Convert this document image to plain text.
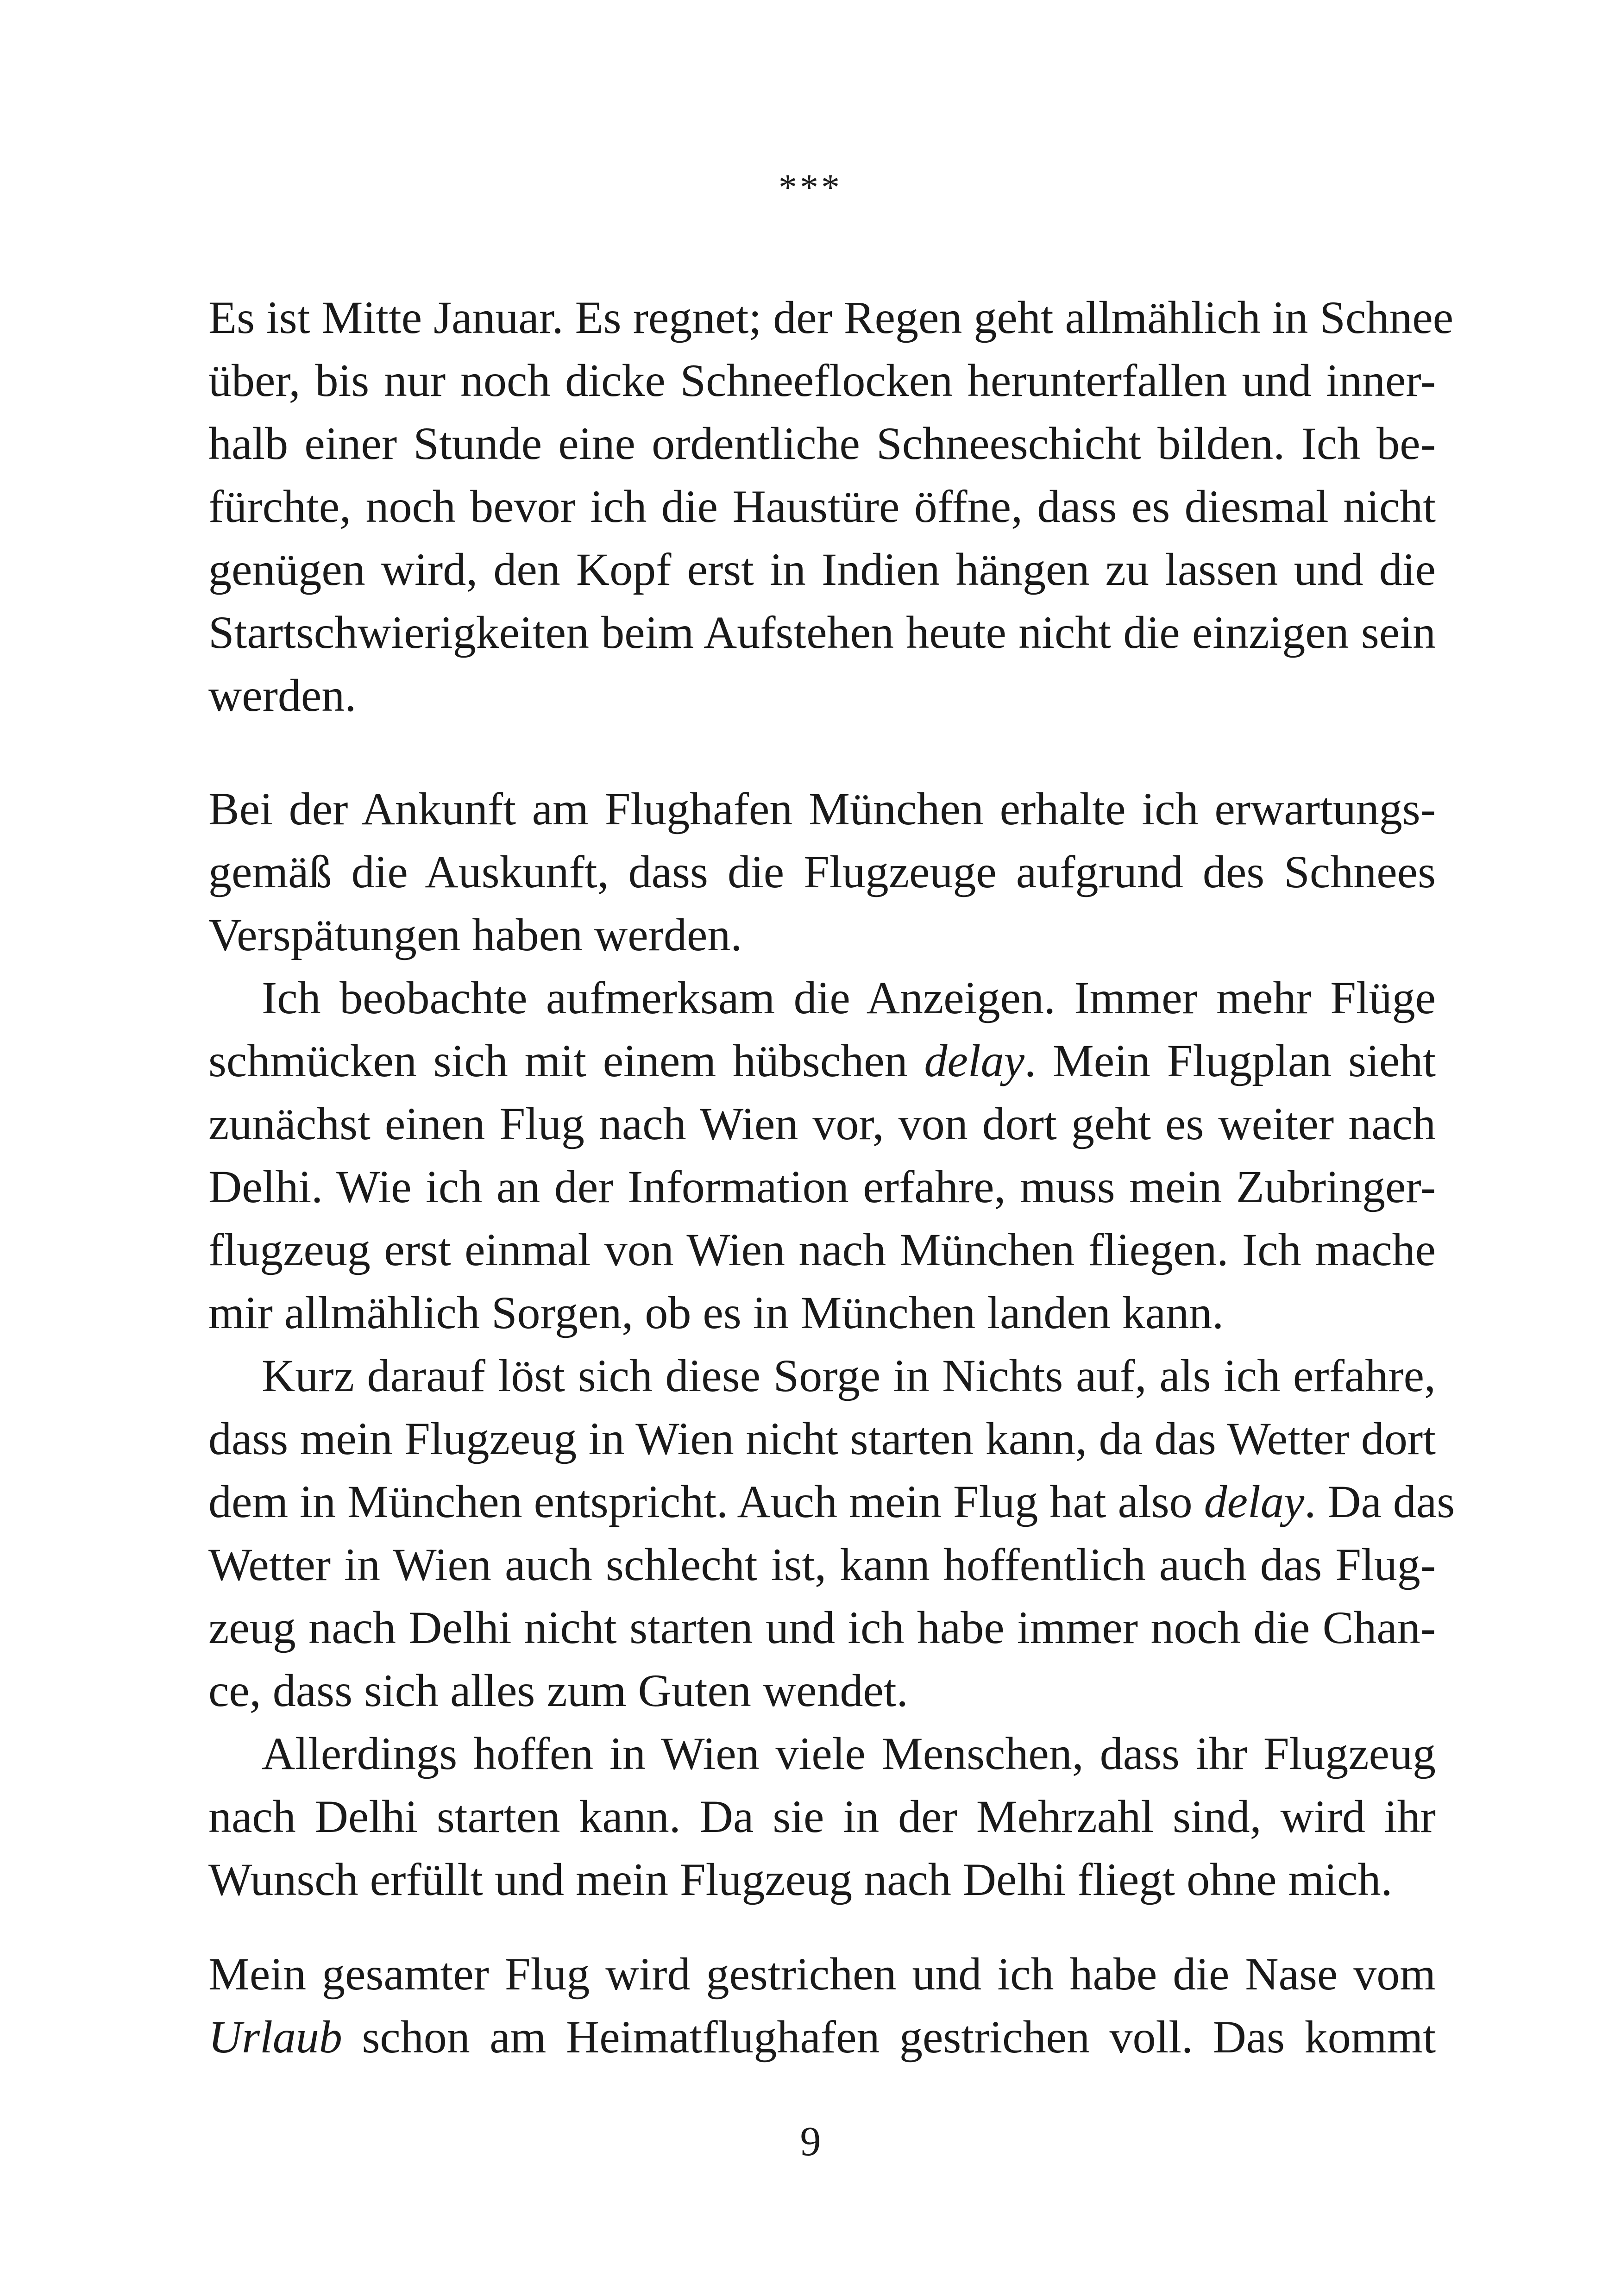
***
Es ist Mitte Januar. Es regnet; der Regen geht allmählich in Schnee
über, bis nur noch dicke Schneeflocken herunterfallen und inner-
halb einer Stunde eine ordentliche Schneeschicht bilden. Ich be-
fürchte, noch bevor ich die Haustüre öffne, dass es diesmal nicht
genügen wird, den Kopf erst in Indien hängen zu lassen und die
Startschwierigkeiten beim Aufstehen heute nicht die einzigen sein
werden.
Bei der Ankunft am Flughafen München erhalte ich erwartungs-
gemäß die Auskunft, dass die Flugzeuge aufgrund des Schnees
Verspätungen haben werden.
Ich beobachte aufmerksam die Anzeigen. Immer mehr Flüge
schmücken sich mit einem hübschen delay. Mein Flugplan sieht
zunächst einen Flug nach Wien vor, von dort geht es weiter nach
Delhi. Wie ich an der Information erfahre, muss mein Zubringer-
flugzeug erst einmal von Wien nach München fliegen. Ich mache
mir allmählich Sorgen, ob es in München landen kann.
Kurz darauf löst sich diese Sorge in Nichts auf, als ich erfahre,
dass mein Flugzeug in Wien nicht starten kann, da das Wetter dort
dem in München entspricht. Auch mein Flug hat also delay. Da das
Wetter in Wien auch schlecht ist, kann hoffentlich auch das Flug-
zeug nach Delhi nicht starten und ich habe immer noch die Chan-
ce, dass sich alles zum Guten wendet.
Allerdings hoffen in Wien viele Menschen, dass ihr Flugzeug
nach Delhi starten kann. Da sie in der Mehrzahl sind, wird ihr
Wunsch erfüllt und mein Flugzeug nach Delhi fliegt ohne mich.
Mein gesamter Flug wird gestrichen und ich habe die Nase vom
Urlaub schon am Heimatflughafen gestrichen voll. Das kommt
9
